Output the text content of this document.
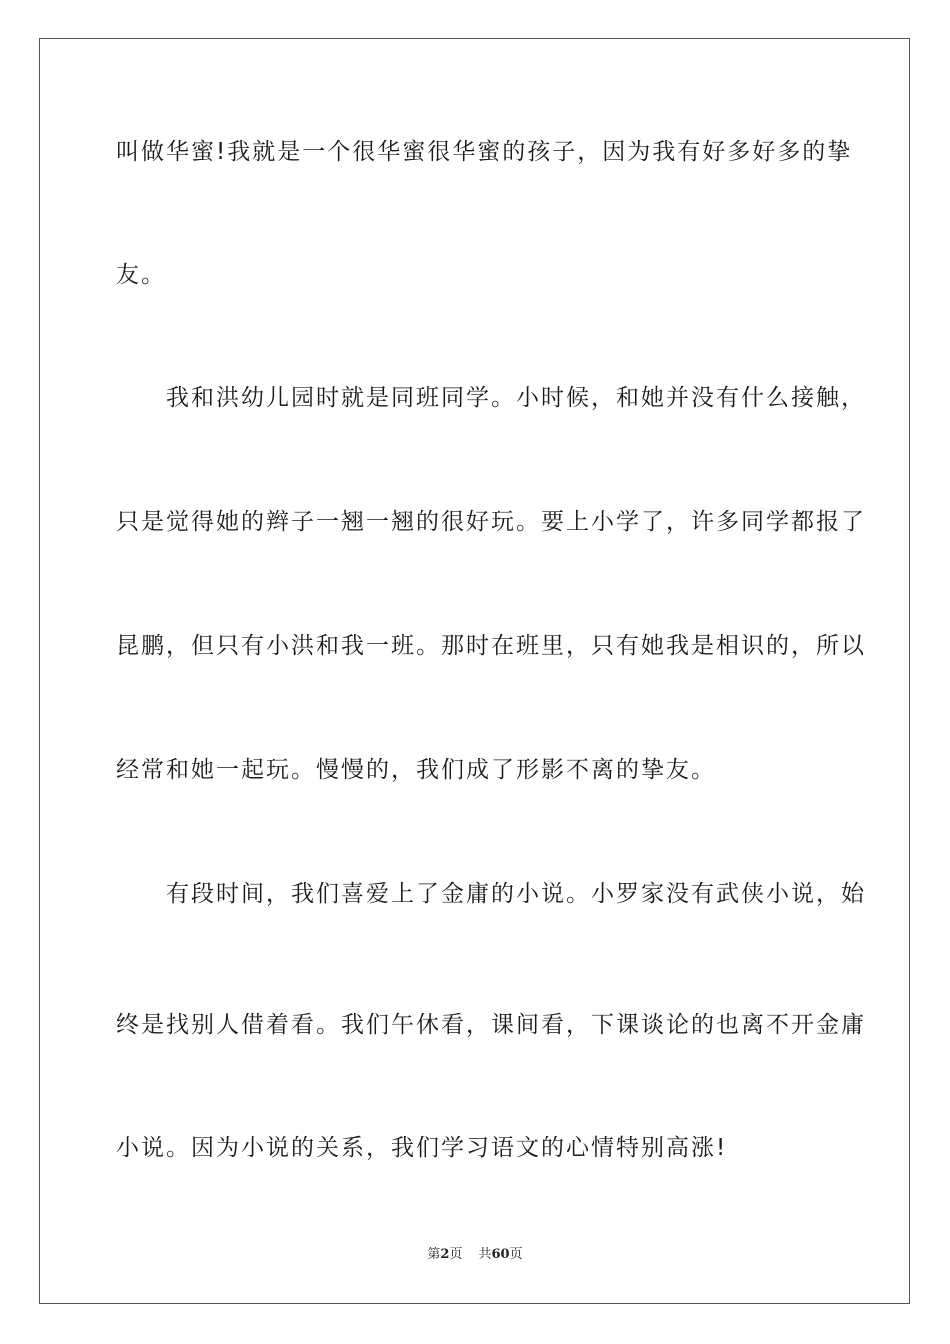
叫做华蜜!我就是一个很华蜜很华蜜的孩子，因为我有好多好多的挚
友。
　　我和洪幼儿园时就是同班同学。小时候，和她并没有什么接触，
只是觉得她的辫子一翘一翘的很好玩。要上小学了，许多同学都报了
昆鹏，但只有小洪和我一班。那时在班里，只有她我是相识的，所以
经常和她一起玩。慢慢的，我们成了形影不离的挚友。
　　有段时间，我们喜爱上了金庸的小说。小罗家没有武侠小说，始
终是找别人借着看。我们午休看，课间看，下课谈论的也离不开金庸
小说。因为小说的关系，我们学习语文的心情特别高涨!
第2页 共60页
